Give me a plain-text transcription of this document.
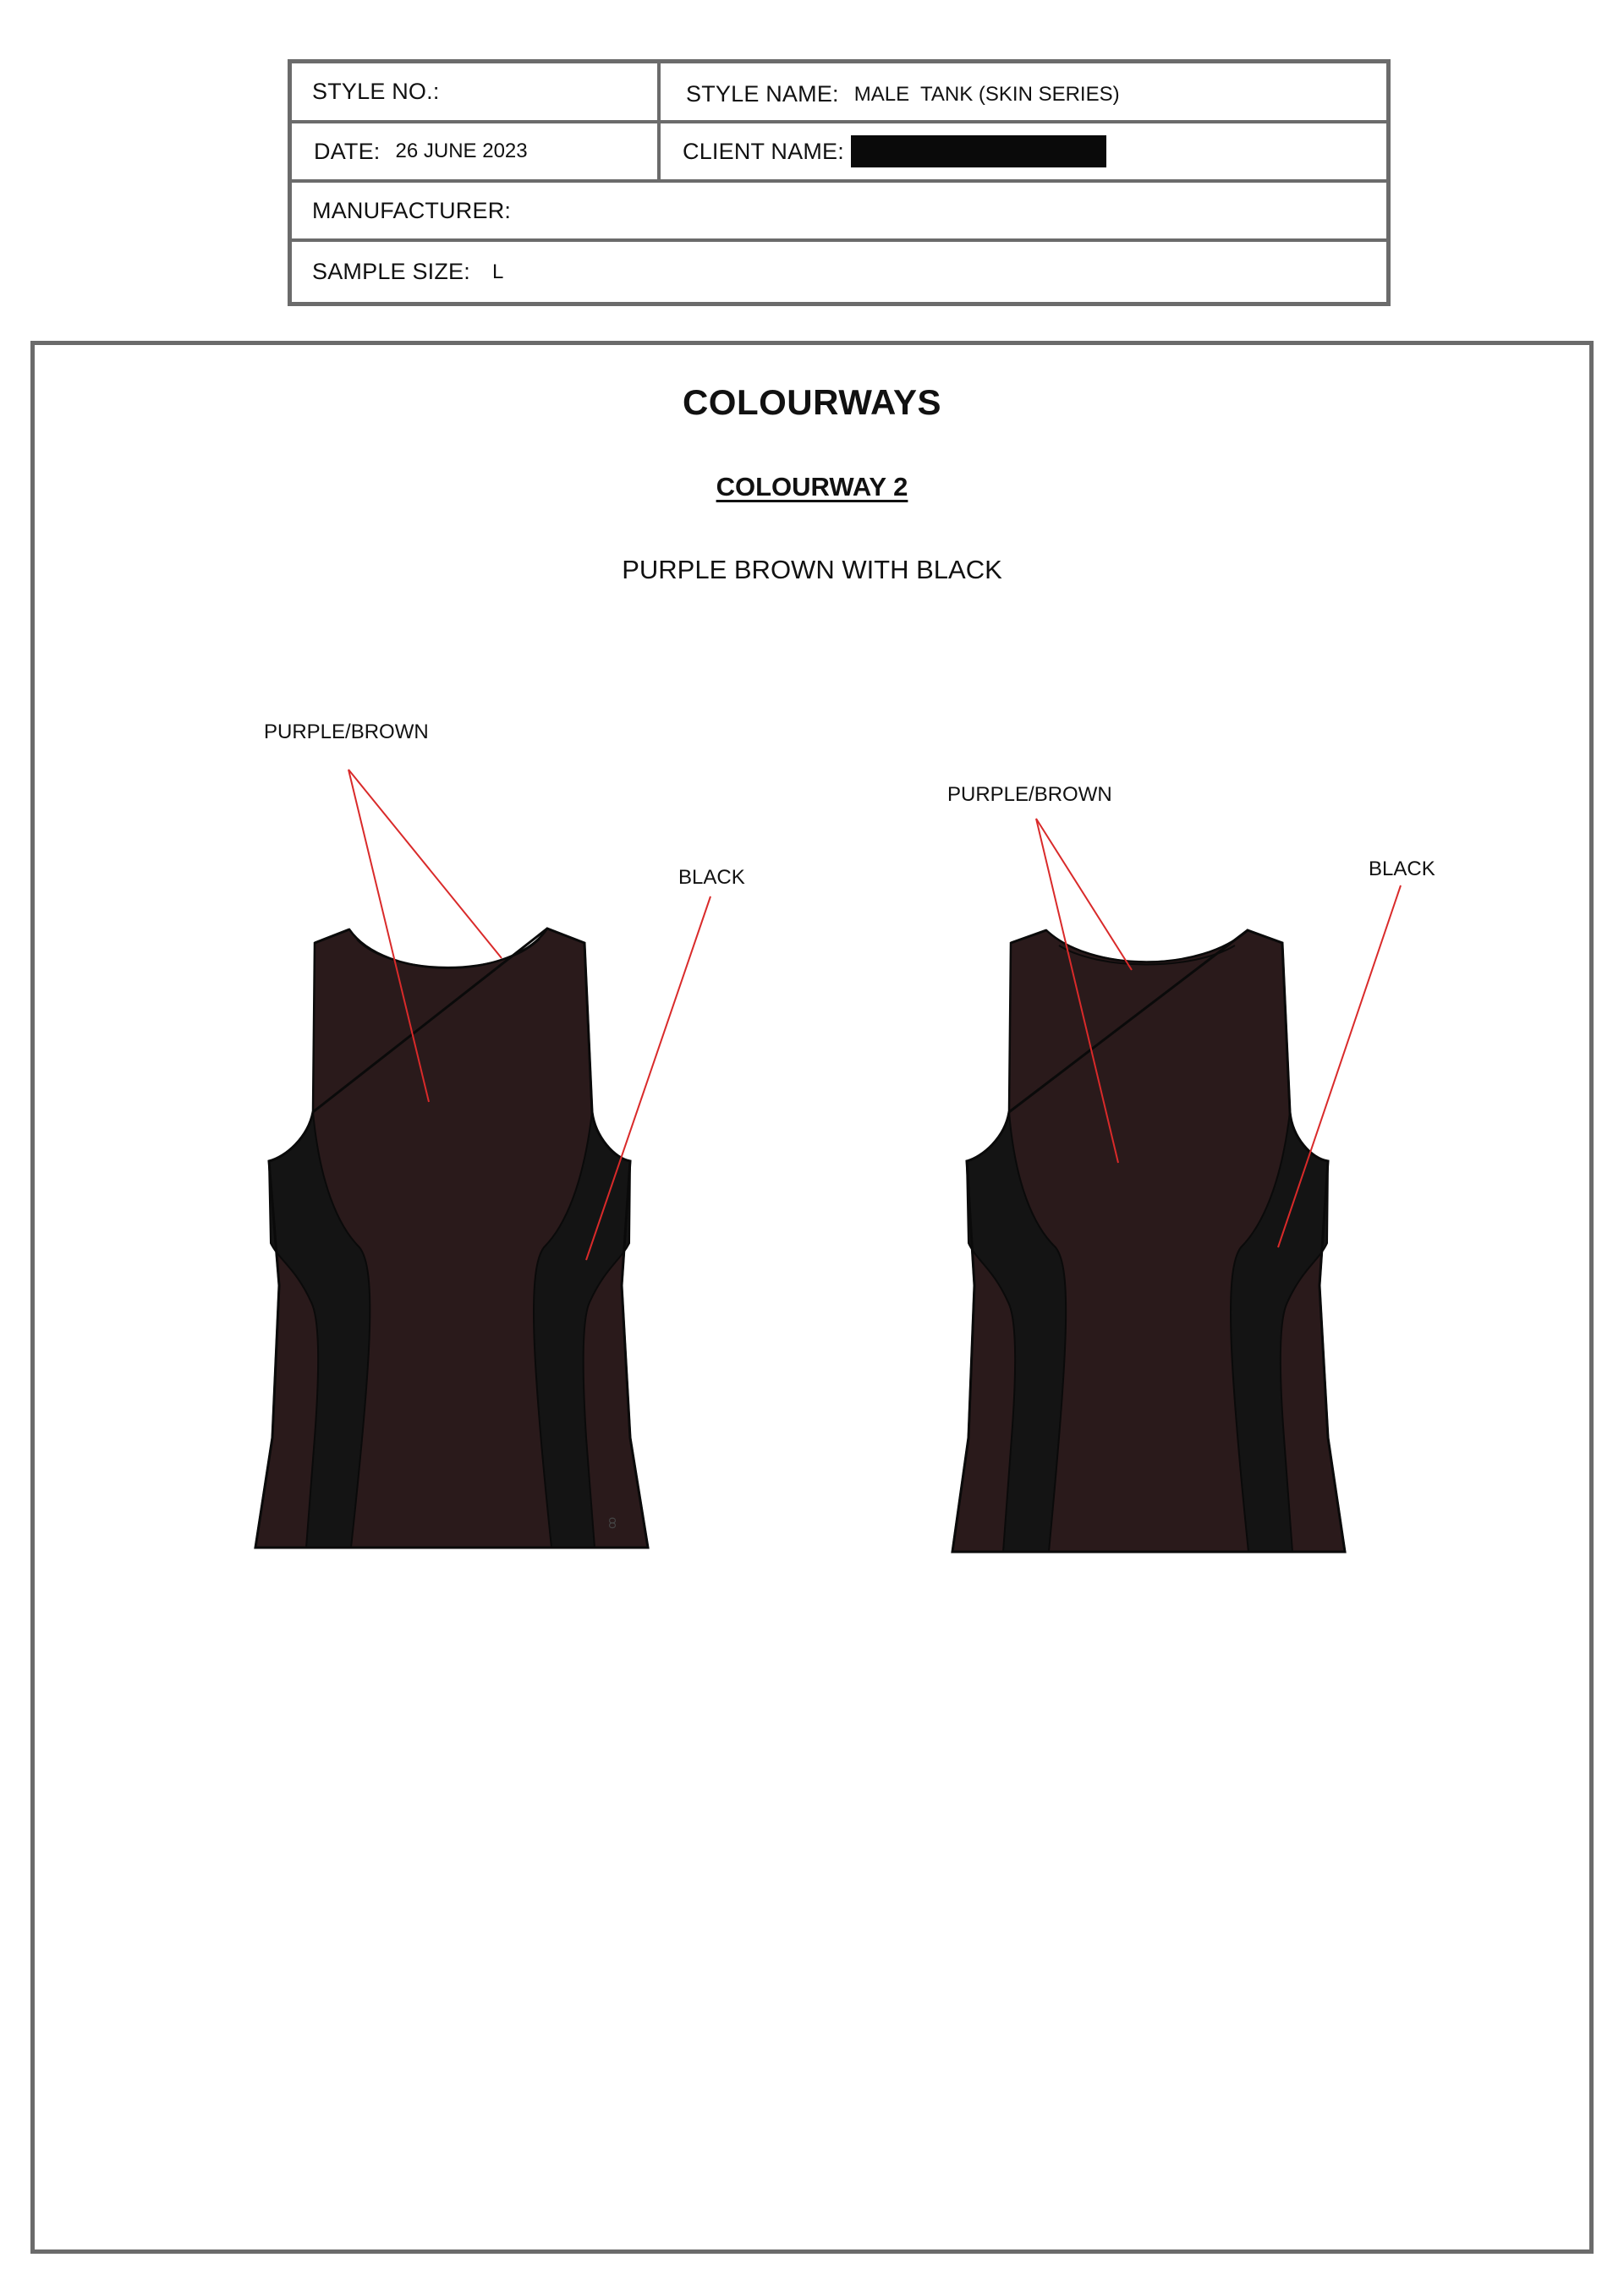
STYLE NO.:	STYLE NAME: MALE  TANK (SKIN SERIES)
DATE: 26 JUNE 2023	CLIENT NAME:
MANUFACTURER:
SAMPLE SIZE: L
COLOURWAYS
COLOURWAY 2
PURPLE BROWN WITH BLACK
PURPLE/BROWN
BLACK
PURPLE/BROWN
BLACK
ꝏ
